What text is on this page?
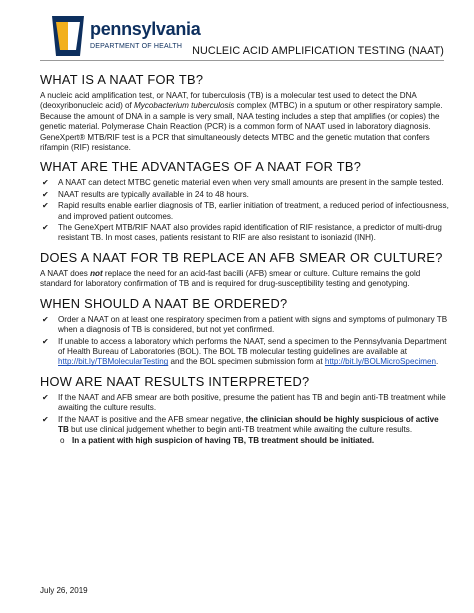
pennsylvania
DEPARTMENT OF HEALTH NUCLEIC ACID AMPLIFICATION TESTING (NAAT)
WHAT IS A NAAT FOR TB?

A nucleic acid amplification test, or NAAT, for tuberculosis (TB) is a molecular test used to detect the DNA (deoxyribonucleic acid) of Mycobacterium tuberculosis complex (MTBC) in a sputum or other respiratory sample. Because the amount of DNA in a sample is very small, NAA testing includes a step that amplifies (or copies) the genetic material. Polymerase Chain Reaction (PCR) is a common form of NAAT used in laboratory diagnosis. GeneXpert® MTB/RIF test is a PCR that simultaneously detects MTBC and the genetic mutation that confers rifampin (RIF) resistance.

WHAT ARE THE ADVANTAGES OF A NAAT FOR TB?
✔ A NAAT can detect MTBC genetic material even when very small amounts are present in the sample tested.
✔ NAAT results are typically available in 24 to 48 hours.
✔ Rapid results enable earlier diagnosis of TB, earlier initiation of treatment, a reduced period of infectiousness, and improved patient outcomes.
✔ The GeneXpert MTB/RIF NAAT also provides rapid identification of RIF resistance, a predictor of multi-drug resistant TB. In most cases, patients resistant to RIF are also resistant to isoniazid (INH).
DOES A NAAT FOR TB REPLACE AN AFB SMEAR OR CULTURE?

A NAAT does not replace the need for an acid-fast bacilli (AFB) smear or culture. Culture remains the gold standard for laboratory confirmation of TB and is required for drug-susceptibility testing and genotyping.

WHEN SHOULD A NAAT BE ORDERED?
✔ Order a NAAT on at least one respiratory specimen from a patient with signs and symptoms of pulmonary TB when a diagnosis of TB is considered, but not yet confirmed.
✔ If unable to access a laboratory which performs the NAAT, send a specimen to the Pennsylvania Department of Health Bureau of Laboratories (BOL). The BOL TB molecular testing guidelines are available at http://bit.ly/TBMolecularTesting and the BOL specimen submission form at http://bit.ly/BOLMicroSpecimen.
HOW ARE NAAT RESULTS INTERPRETED?
✔ If the NAAT and AFB smear are both positive, presume the patient has TB and begin anti-TB treatment while awaiting the culture results.
✔ If the NAAT is positive and the AFB smear negative, the clinician should be highly suspicious of active TB but use clinical judgement whether to begin anti-TB treatment while awaiting the culture results.
o In a patient with high suspicion of having TB, TB treatment should be initiated.
July 26, 2019
